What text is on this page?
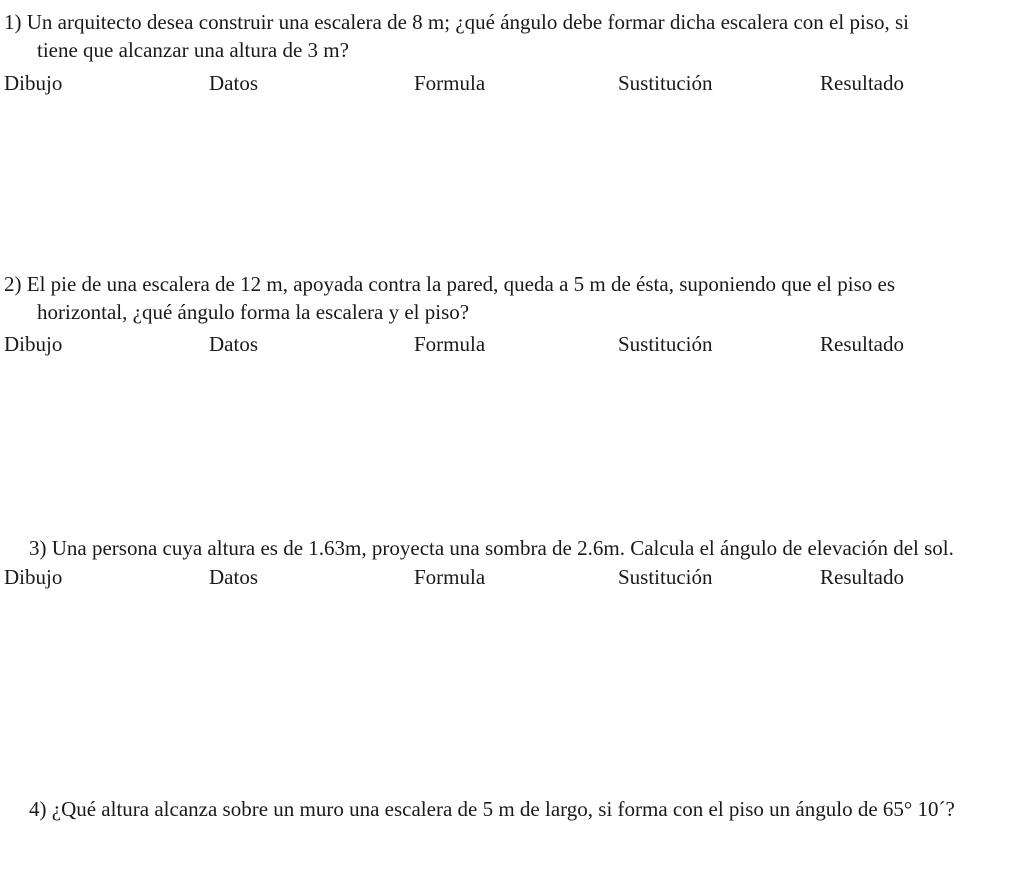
1) Un arquitecto desea construir una escalera de 8 m; ¿qué ángulo debe formar dicha escalera con el piso, si
tiene que alcanzar una altura de 3 m?
Dibujo	Datos	Formula	Sustitución	Resultado
2) El pie de una escalera de 12 m, apoyada contra la pared, queda a 5 m de ésta, suponiendo que el piso es
horizontal, ¿qué ángulo forma la escalera y el piso?
Dibujo	Datos	Formula	Sustitución	Resultado
3) Una persona cuya altura es de 1.63m, proyecta una sombra de 2.6m. Calcula el ángulo de elevación del sol.
Dibujo	Datos	Formula	Sustitución	Resultado
4) ¿Qué altura alcanza sobre un muro una escalera de 5 m de largo, si forma con el piso un ángulo de 65° 10´?
